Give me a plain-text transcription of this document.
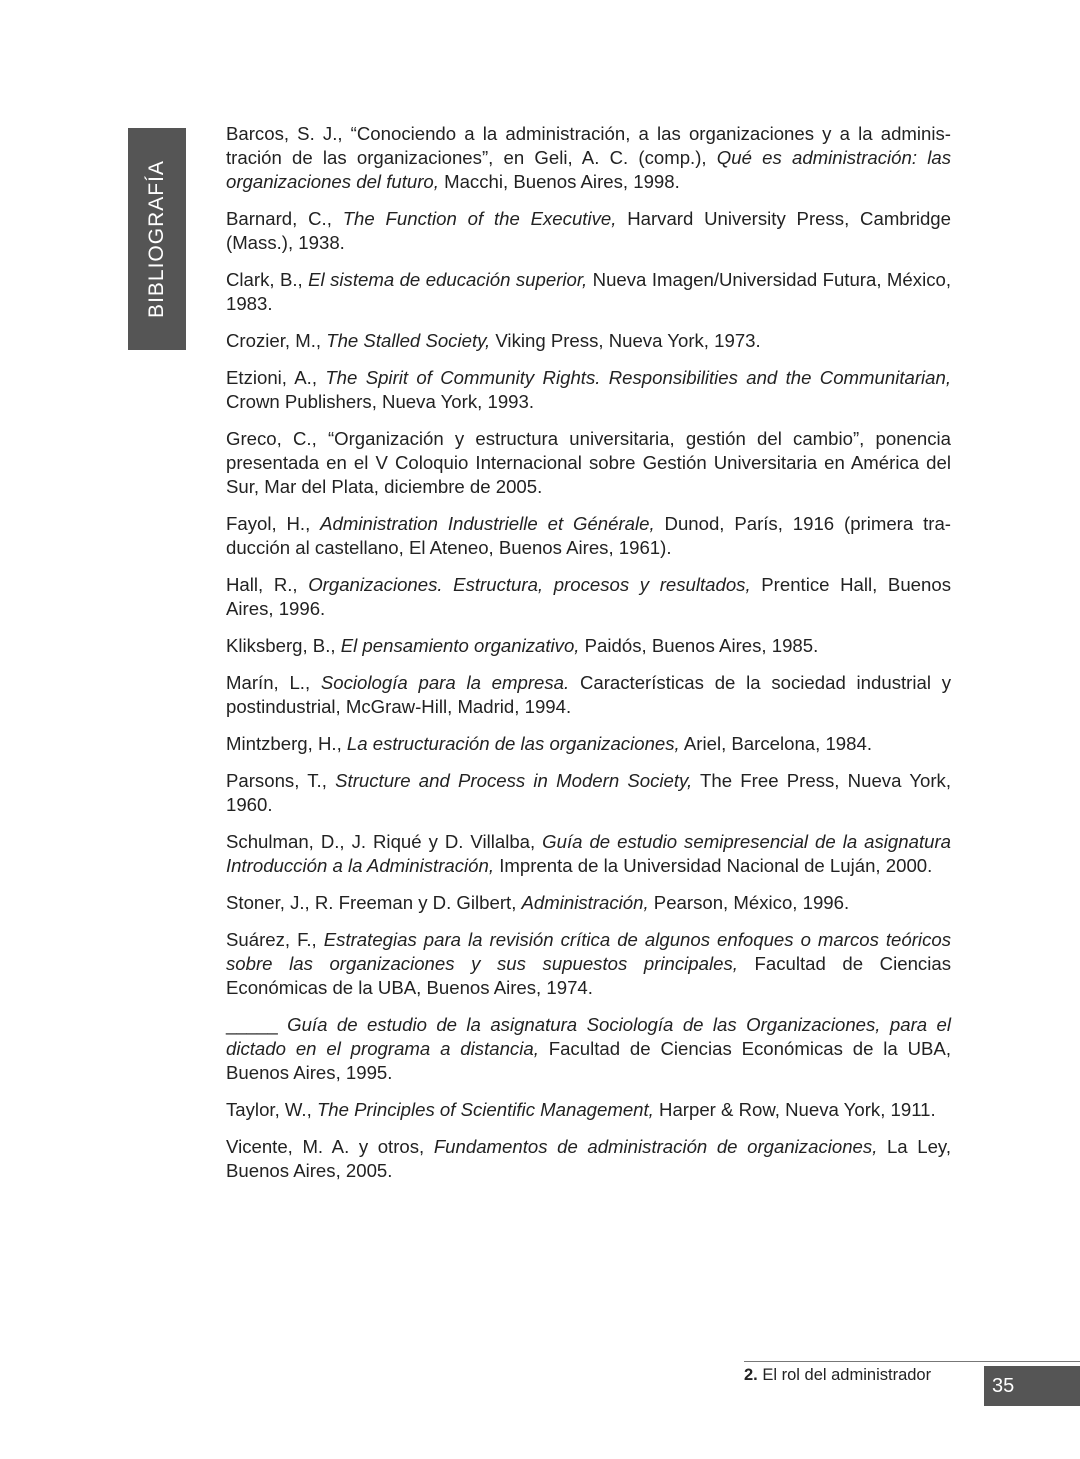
BIBLIOGRAFÍA

Barcos, S. J., “Conociendo a la administración, a las organizaciones y a la administración de las organizaciones”, en Geli, A. C. (comp.), Qué es administración: las organizaciones del futuro, Macchi, Buenos Aires, 1998.

Barnard, C., The Function of the Executive, Harvard University Press, Cambridge (Mass.), 1938.

Clark, B., El sistema de educación superior, Nueva Imagen/Universidad Futura, México, 1983.

Crozier, M., The Stalled Society, Viking Press, Nueva York, 1973.

Etzioni, A., The Spirit of Community Rights. Responsibilities and the Communitarian, Crown Publishers, Nueva York, 1993.

Greco, C., “Organización y estructura universitaria, gestión del cambio”, ponencia presentada en el V Coloquio Internacional sobre Gestión Universitaria en América del Sur, Mar del Plata, diciembre de 2005.

Fayol, H., Administration Industrielle et Générale, Dunod, París, 1916 (primera traducción al castellano, El Ateneo, Buenos Aires, 1961).

Hall, R., Organizaciones. Estructura, procesos y resultados, Prentice Hall, Buenos Aires, 1996.

Kliksberg, B., El pensamiento organizativo, Paidós, Buenos Aires, 1985.

Marín, L., Sociología para la empresa. Características de la sociedad industrial y postindustrial, McGraw-Hill, Madrid, 1994.

Mintzberg, H., La estructuración de las organizaciones, Ariel, Barcelona, 1984.

Parsons, T., Structure and Process in Modern Society, The Free Press, Nueva York, 1960.

Schulman, D., J. Riqué y D. Villalba, Guía de estudio semipresencial de la asignatura Introducción a la Administración, Imprenta de la Universidad Nacional de Luján, 2000.

Stoner, J., R. Freeman y D. Gilbert, Administración, Pearson, México, 1996.

Suárez, F., Estrategias para la revisión crítica de algunos enfoques o marcos teóricos sobre las organizaciones y sus supuestos principales, Facultad de Ciencias Económicas de la UBA, Buenos Aires, 1974.

_____ Guía de estudio de la asignatura Sociología de las Organizaciones, para el dictado en el programa a distancia, Facultad de Ciencias Económicas de la UBA, Buenos Aires, 1995.

Taylor, W., The Principles of Scientific Management, Harper & Row, Nueva York, 1911.

Vicente, M. A. y otros, Fundamentos de administración de organizaciones, La Ley, Buenos Aires, 2005.

2. El rol del administrador	35
